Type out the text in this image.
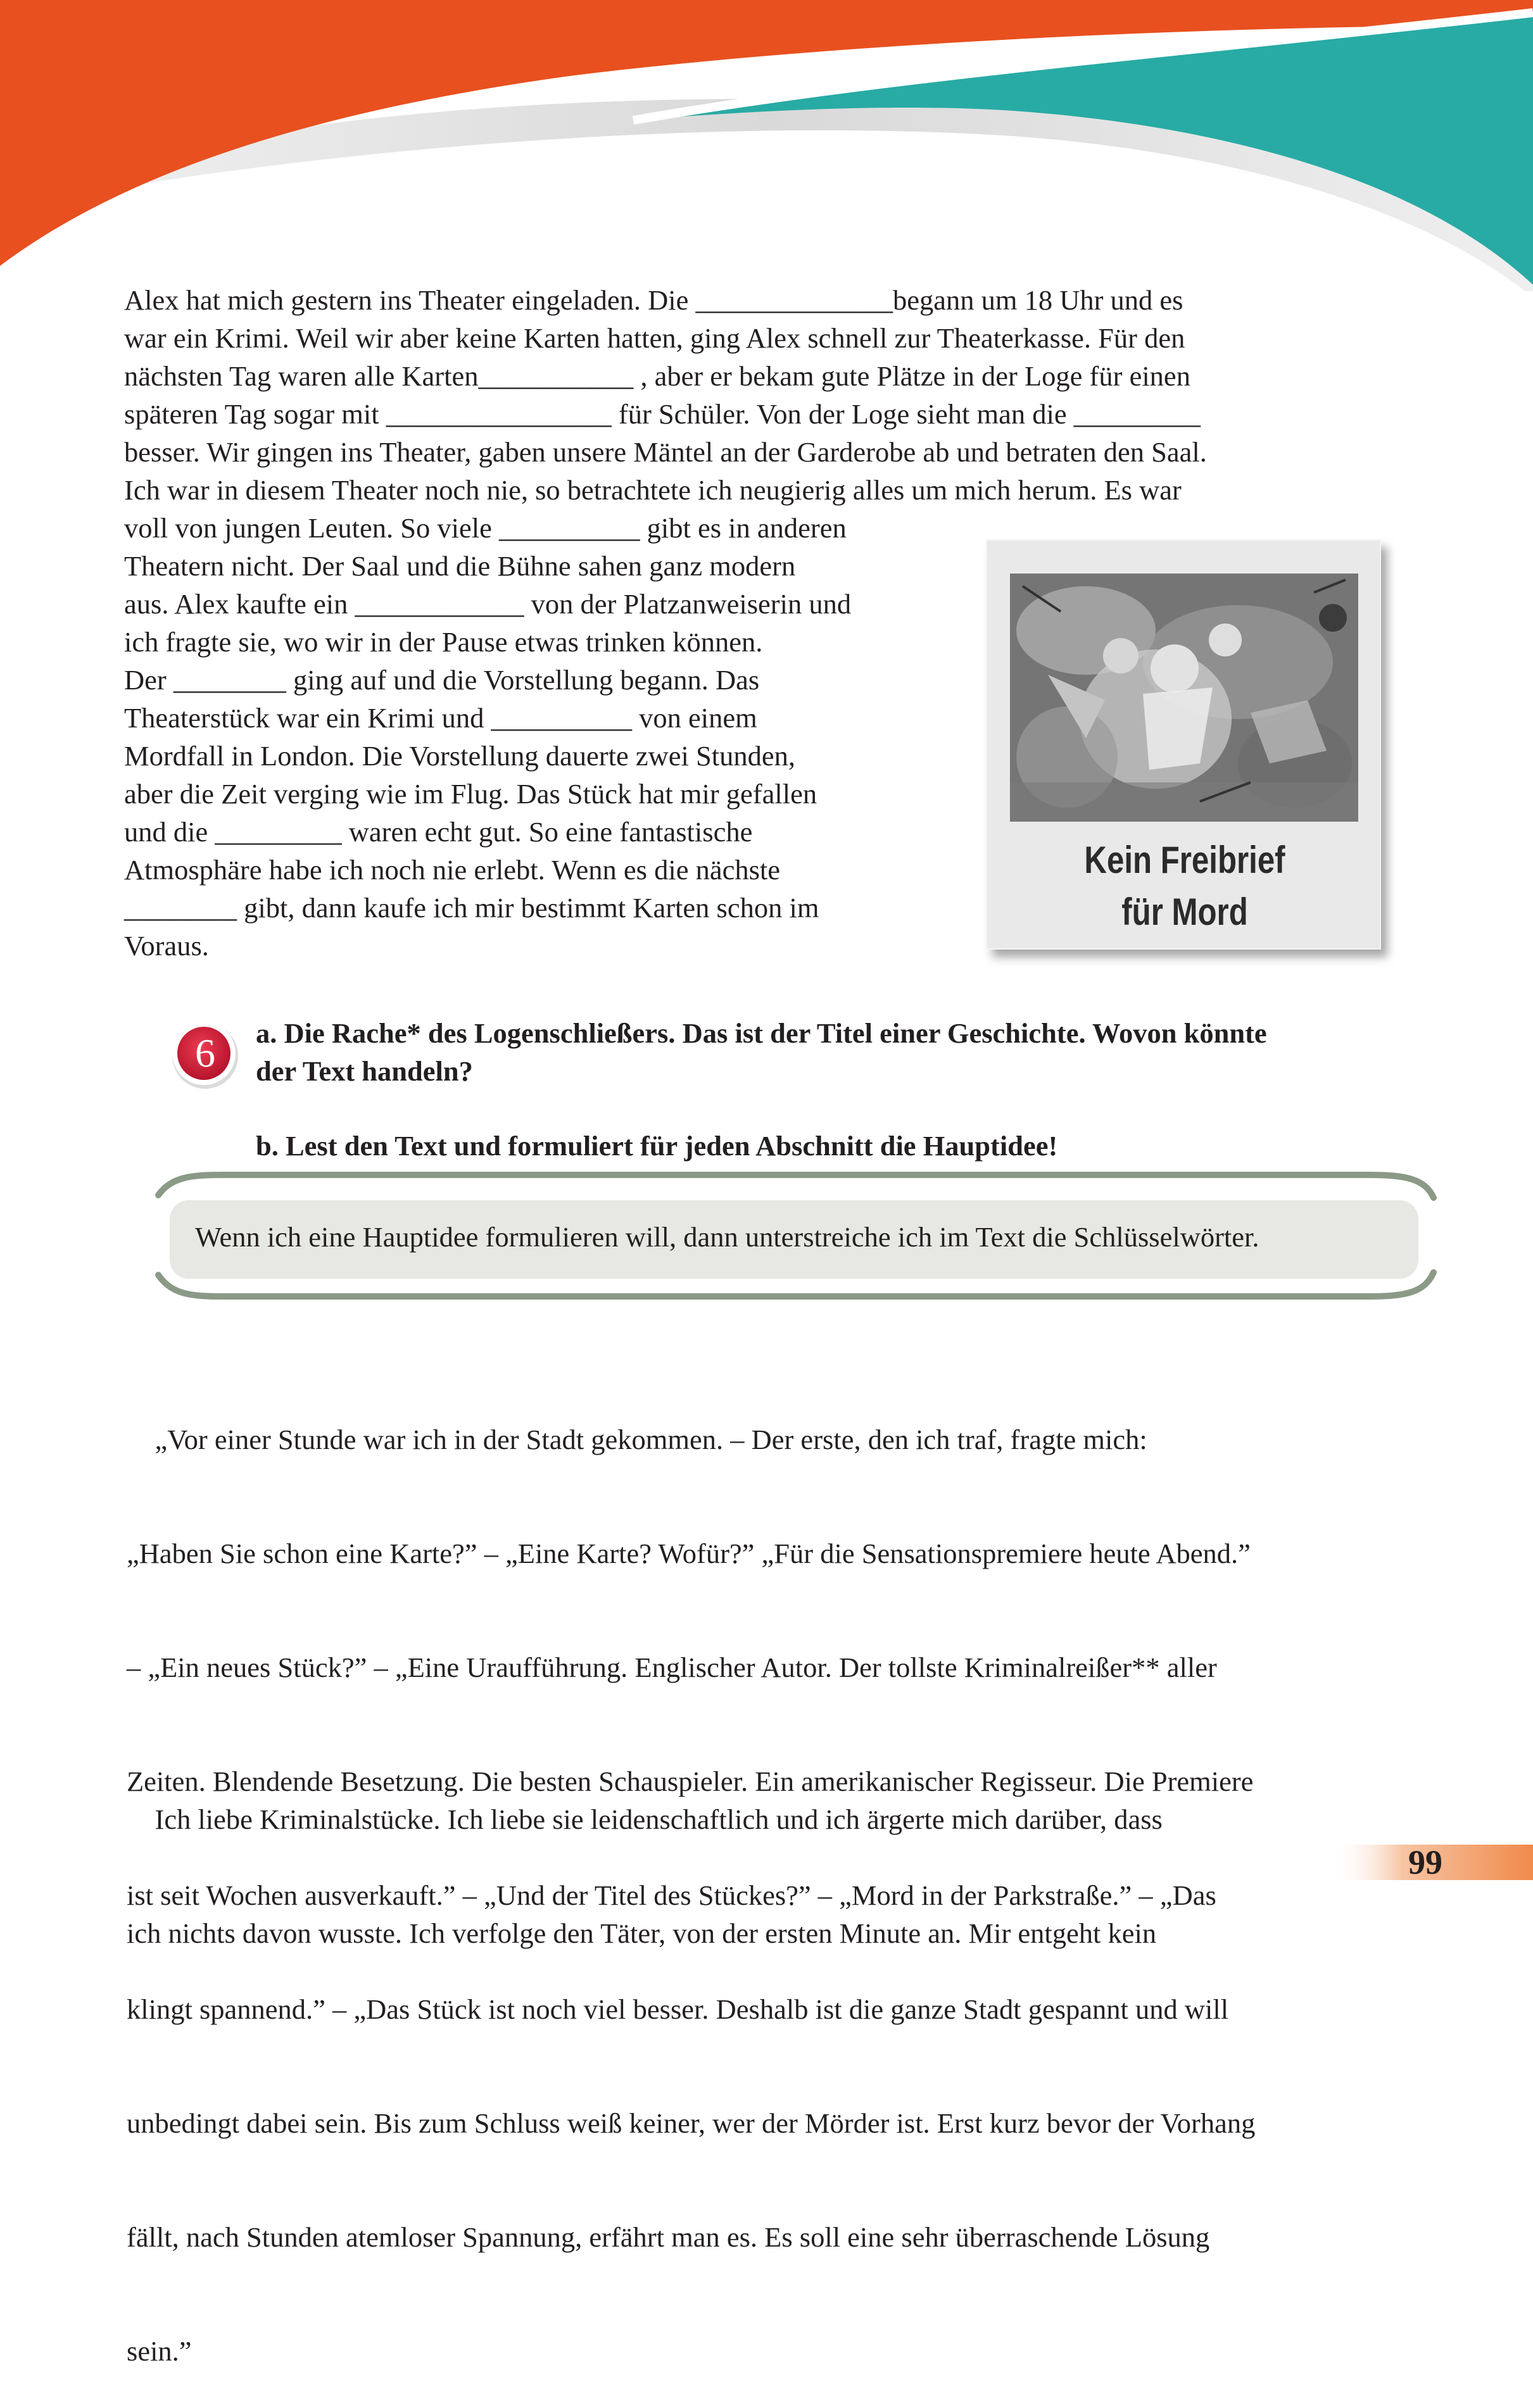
Alex hat mich gestern ins Theater eingeladen. Die ______________begann um 18 Uhr und es
war ein Krimi. Weil wir aber keine Karten hatten, ging Alex schnell zur Theaterkasse. Für den
nächsten Tag waren alle Karten___________ , aber er bekam gute Plätze in der Loge für einen
späteren Tag sogar mit ________________ für Schüler. Von der Loge sieht man die _________
besser. Wir gingen ins Theater, gaben unsere Mäntel an der Garderobe ab und betraten den Saal.
Ich war in diesem Theater noch nie, so betrachtete ich neugierig alles um mich herum. Es war
voll von jungen Leuten. So viele __________ gibt es in anderen
Theatern nicht. Der Saal und die Bühne sahen ganz modern
aus. Alex kaufte ein ____________ von der Platzanweiserin und
ich fragte sie, wo wir in der Pause etwas trinken können.
Der ________ ging auf und die Vorstellung begann. Das
Theaterstück war ein Krimi und __________ von einem
Mordfall in London. Die Vorstellung dauerte zwei Stunden,
aber die Zeit verging wie im Flug. Das Stück hat mir gefallen
und die _________ waren echt gut. So eine fantastische
Atmosphäre habe ich noch nie erlebt. Wenn es die nächste
________ gibt, dann kaufe ich mir bestimmt Karten schon im
Voraus.
Kein Freibrief
für Mord
6	a. Die Rache* des Logenschließers. Das ist der Titel einer Geschichte. Wovon könnte
der Text handeln?
b. Lest den Text und formuliert für jeden Abschnitt die Hauptidee!
Wenn ich eine Hauptidee formulieren will, dann unterstreiche ich im Text die Schlüsselwörter.

„Vor einer Stunde war ich in der Stadt gekommen. – Der erste, den ich traf, fragte mich:

„Haben Sie schon eine Karte?” – „Eine Karte? Wofür?” „Für die Sensationspremiere heute Abend.”

– „Ein neues Stück?” – „Eine Uraufführung. Englischer Autor. Der tollste Kriminalreißer** aller

Zeiten. Blendende Besetzung. Die besten Schauspieler. Ein amerikanischer Regisseur. Die Premiere

ist seit Wochen ausverkauft.” – „Und der Titel des Stückes?” – „Mord in der Parkstraße.” – „Das

klingt spannend.” – „Das Stück ist noch viel besser. Deshalb ist die ganze Stadt gespannt und will

unbedingt dabei sein. Bis zum Schluss weiß keiner, wer der Mörder ist. Erst kurz bevor der Vorhang

fällt, nach Stunden atemloser Spannung, erfährt man es. Es soll eine sehr überraschende Lösung

sein.”

Ich liebe Kriminalstücke. Ich liebe sie leidenschaftlich und ich ärgerte mich darüber, dass

ich nichts davon wusste. Ich verfolge den Täter, von der ersten Minute an. Mir entgeht kein

99
